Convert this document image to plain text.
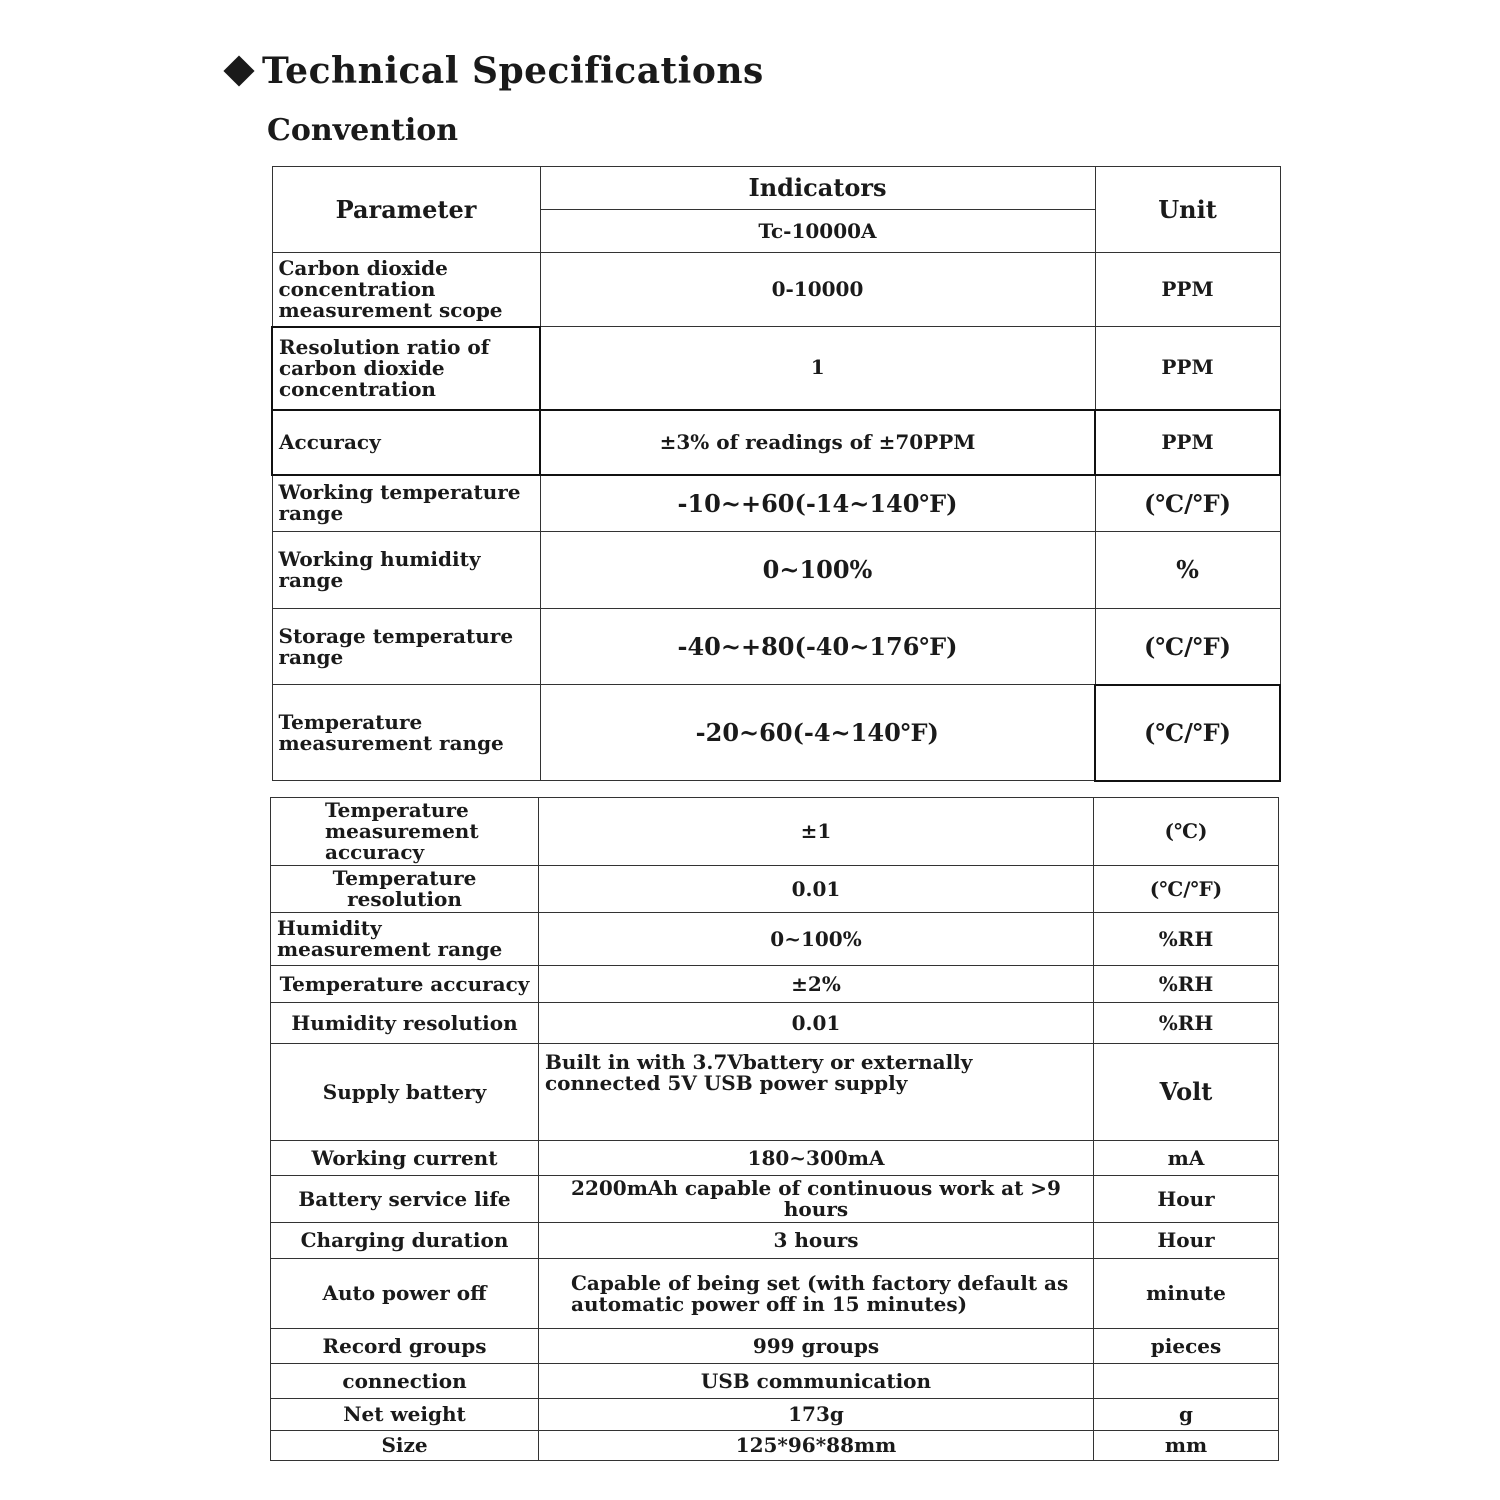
Technical Specifications
Convention
Parameter	Indicators	Unit
	Tc-10000A	
Carbon dioxide concentration measurement scope	0-10000	PPM
Resolution ratio of carbon dioxide concentration	1	PPM
Accuracy	±3% of readings of ±70PPM	PPM
Working temperature range	-10~+60(-14~140℉)	(℃/℉)
Working humidity range	0~100%	%
Storage temperature range	-40~+80(-40~176℉)	(℃/℉)
Temperature measurement range	-20~60(-4~140℉)	(℃/℉)
Temperature measurement accuracy	±1	(℃)
Temperature resolution	0.01	(℃/℉)
Humidity measurement range	0~100%	%RH
Temperature accuracy	±2%	%RH
Humidity resolution	0.01	%RH
Supply battery	Built in with 3.7Vbattery or externally connected 5V USB power supply	Volt
Working current	180~300mA	mA
Battery service life	2200mAh capable of continuous work at >9 hours	Hour
Charging duration	3 hours	Hour
Auto power off	Capable of being set (with factory default as automatic power off in 15 minutes)	minute
Record groups	999 groups	pieces
connection	USB communication	
Net weight	173g	g
Size	125*96*88mm	mm
